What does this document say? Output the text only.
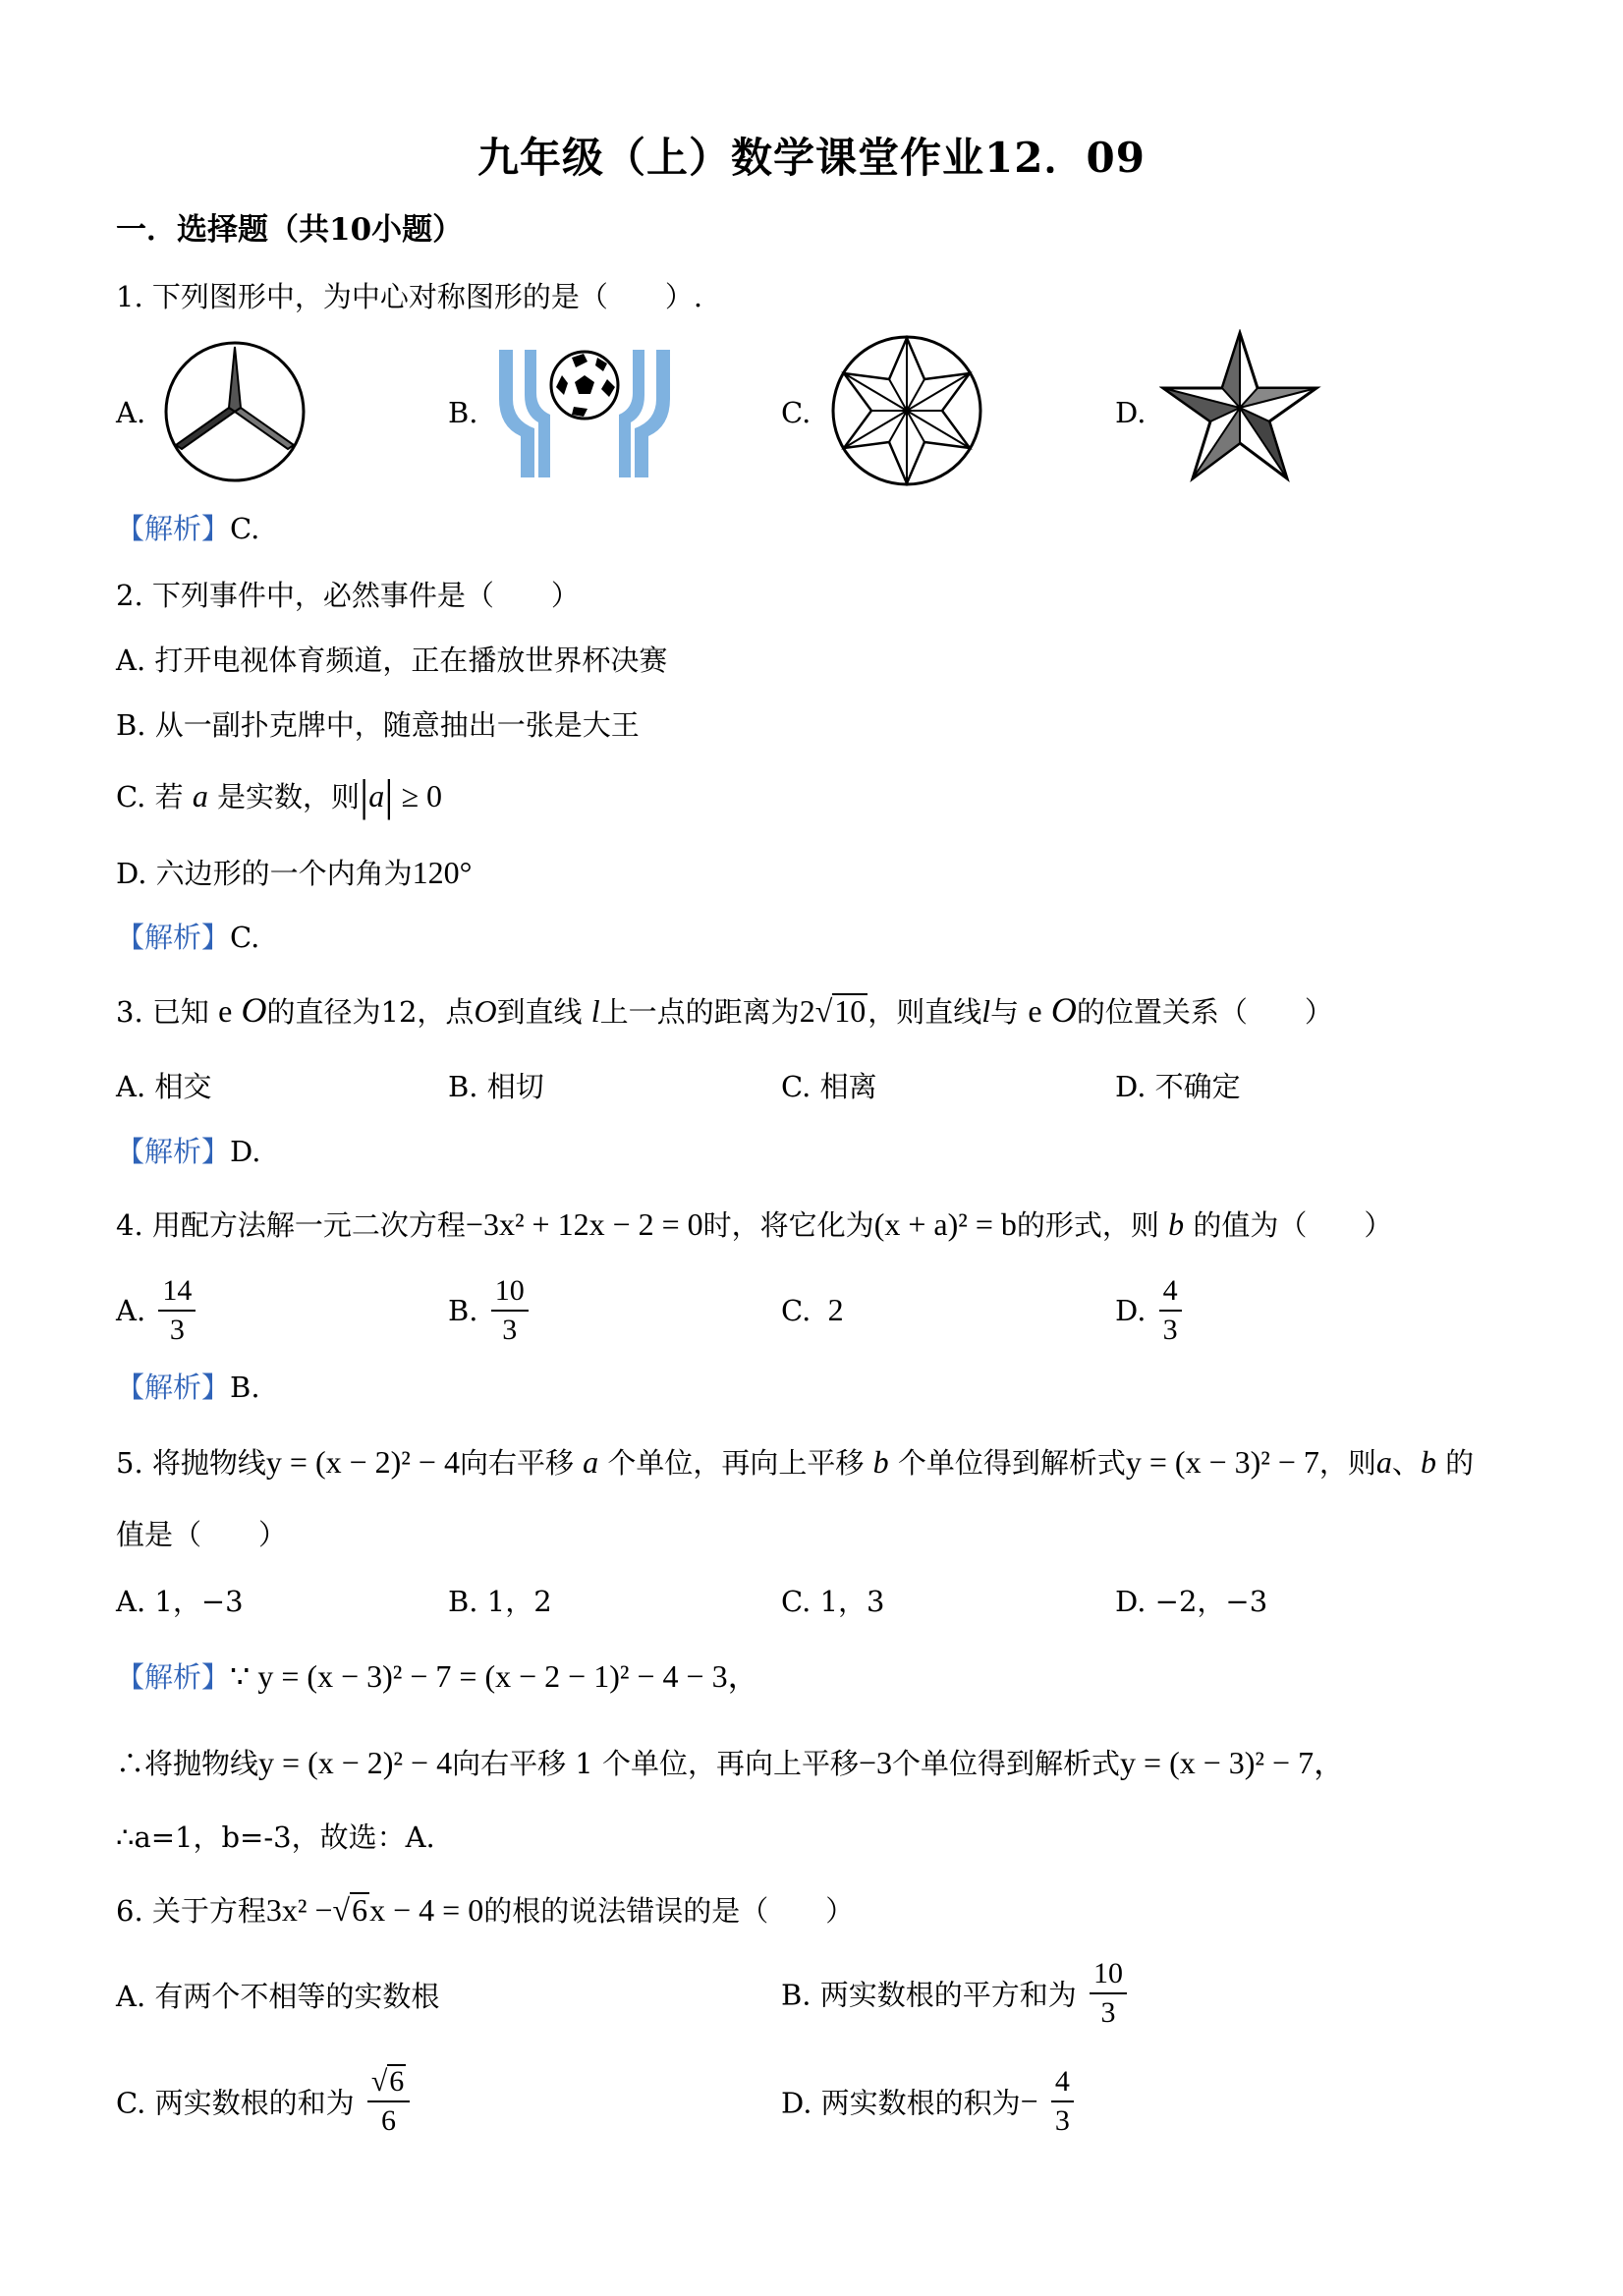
九年级（上）数学课堂作业12．09
一．选择题（共10小题）
1. 下列图形中，为中心对称图形的是（　　）.
A.	B.	C.	D.
【解析】C.
2. 下列事件中，必然事件是（　　）
A. 打开电视体育频道，正在播放世界杯决赛
B. 从一副扑克牌中，随意抽出一张是大王
C. 若 a 是实数，则|a| ≥ 0
D. 六边形的一个内角为120°
【解析】C.
3. 已知 e O的直径为12，点O到直线 l上一点的距离为2√10，则直线l与 e O的位置关系（　　）
A. 相交	B. 相切	C. 相离	D. 不确定
【解析】D.
4. 用配方法解一元二次方程−3x² + 12x − 2 = 0时，将它化为(x + a)² = b的形式，则 b 的值为（　　）
A. $\frac{14}{3}$	B. $\frac{10}{3}$	C. 2	D. $\frac{4}{3}$
【解析】B.
5. 将抛物线y = (x − 2)² − 4向右平移 a 个单位，再向上平移 b 个单位得到解析式y = (x − 3)² − 7，则a、b 的
值是（　　）
A. 1，−3	B. 1，2	C. 1，3	D. −2，−3
【解析】∵ y = (x − 3)² − 7 = (x − 2 − 1)² − 4 − 3，
∴将抛物线y = (x − 2)² − 4向右平移 1 个单位，再向上平移−3个单位得到解析式y = (x − 3)² − 7，
∴a=1，b=-3，故选：A.
6. 关于方程3x² −√6x − 4 = 0的根的说法错误的是（　　）
A. 有两个不相等的实数根	B. 两实数根的平方和为 $\frac{10}{3}$
C. 两实数根的和为 $\frac{√6}{6}$	D. 两实数根的积为− $\frac{4}{3}$
